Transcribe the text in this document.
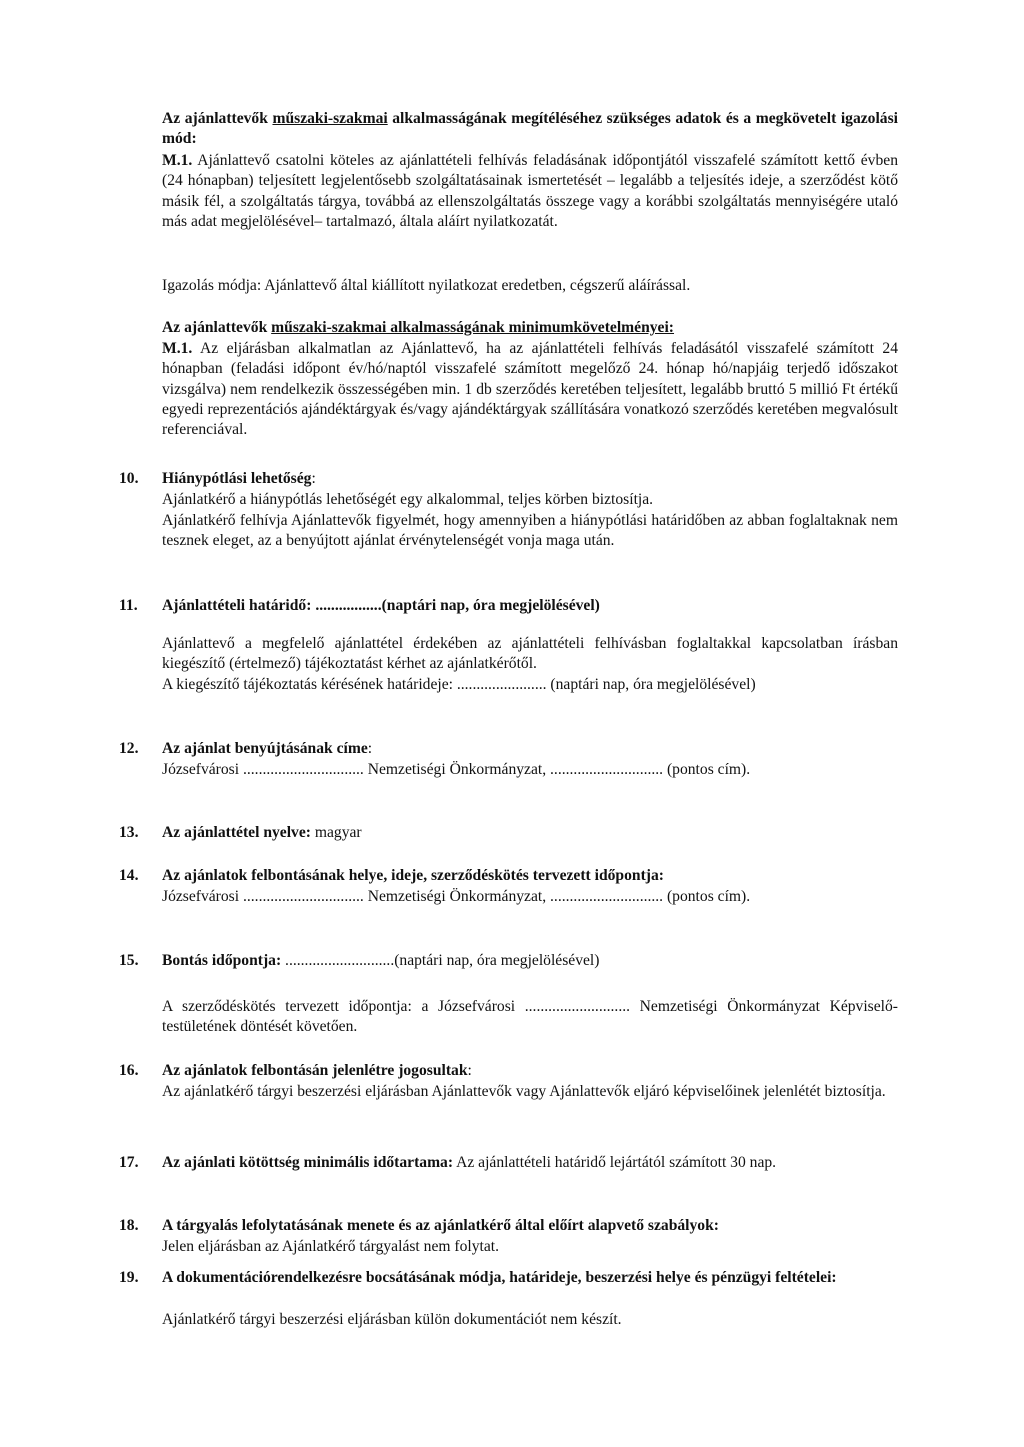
Az ajánlattevők műszaki-szakmai alkalmasságának megítéléséhez szükséges adatok és a megkövetelt igazolási mód:

M.1. Ajánlattevő csatolni köteles az ajánlattételi felhívás feladásának időpontjától visszafelé számított kettő évben (24 hónapban) teljesített legjelentősebb szolgáltatásainak ismertetését – legalább a teljesítés ideje, a szerződést kötő másik fél, a szolgáltatás tárgya, továbbá az ellenszolgáltatás összege vagy a korábbi szolgáltatás mennyiségére utaló más adat megjelölésével– tartalmazó, általa aláírt nyilatkozatát.

Igazolás módja: Ajánlattevő által kiállított nyilatkozat eredetben, cégszerű aláírással.

Az ajánlattevők műszaki-szakmai alkalmasságának minimumkövetelményei:

M.1. Az eljárásban alkalmatlan az Ajánlattevő, ha az ajánlattételi felhívás feladásától visszafelé számított 24 hónapban (feladási időpont év/hó/naptól visszafelé számított megelőző 24. hónap hó/napjáig terjedő időszakot vizsgálva) nem rendelkezik összességében min. 1 db szerződés keretében teljesített, legalább bruttó 5 millió Ft értékű egyedi reprezentációs ajándéktárgyak és/vagy ajándéktárgyak szállítására vonatkozó szerződés keretében megvalósult referenciával.

10. Hiánypótlási lehetőség:

Ajánlatkérő a hiánypótlás lehetőségét egy alkalommal, teljes körben biztosítja.

Ajánlatkérő felhívja Ajánlattevők figyelmét, hogy amennyiben a hiánypótlási határidőben az abban foglaltaknak nem tesznek eleget, az a benyújtott ajánlat érvénytelenségét vonja maga után.

11. Ajánlattételi határidő: .................(naptári nap, óra megjelölésével)

Ajánlattevő a megfelelő ajánlattétel érdekében az ajánlattételi felhívásban foglaltakkal kapcsolatban írásban kiegészítő (értelmező) tájékoztatást kérhet az ajánlatkérőtől.

A kiegészítő tájékoztatás kérésének határideje: ....................... (naptári nap, óra megjelölésével)

12. Az ajánlat benyújtásának címe:

Józsefvárosi ............................... Nemzetiségi Önkormányzat, ............................. (pontos cím).

13. Az ajánlattétel nyelve: magyar

14. Az ajánlatok felbontásának helye, ideje, szerződéskötés tervezett időpontja:

Józsefvárosi ............................... Nemzetiségi Önkormányzat, ............................. (pontos cím).

15. Bontás időpontja: ............................(naptári nap, óra megjelölésével)

A szerződéskötés tervezett időpontja: a Józsefvárosi ........................... Nemzetiségi Önkormányzat Képviselő-testületének döntését követően.

16. Az ajánlatok felbontásán jelenlétre jogosultak:

Az ajánlatkérő tárgyi beszerzési eljárásban Ajánlattevők vagy Ajánlattevők eljáró képviselőinek jelenlétét biztosítja.

17. Az ajánlati kötöttség minimális időtartama: Az ajánlattételi határidő lejártától számított 30 nap.

18. A tárgyalás lefolytatásának menete és az ajánlatkérő által előírt alapvető szabályok:

Jelen eljárásban az Ajánlatkérő tárgyalást nem folytat.

19. A dokumentációrendelkezésre bocsátásának módja, határideje, beszerzési helye és pénzügyi feltételei:

Ajánlatkérő tárgyi beszerzési eljárásban külön dokumentációt nem készít.
